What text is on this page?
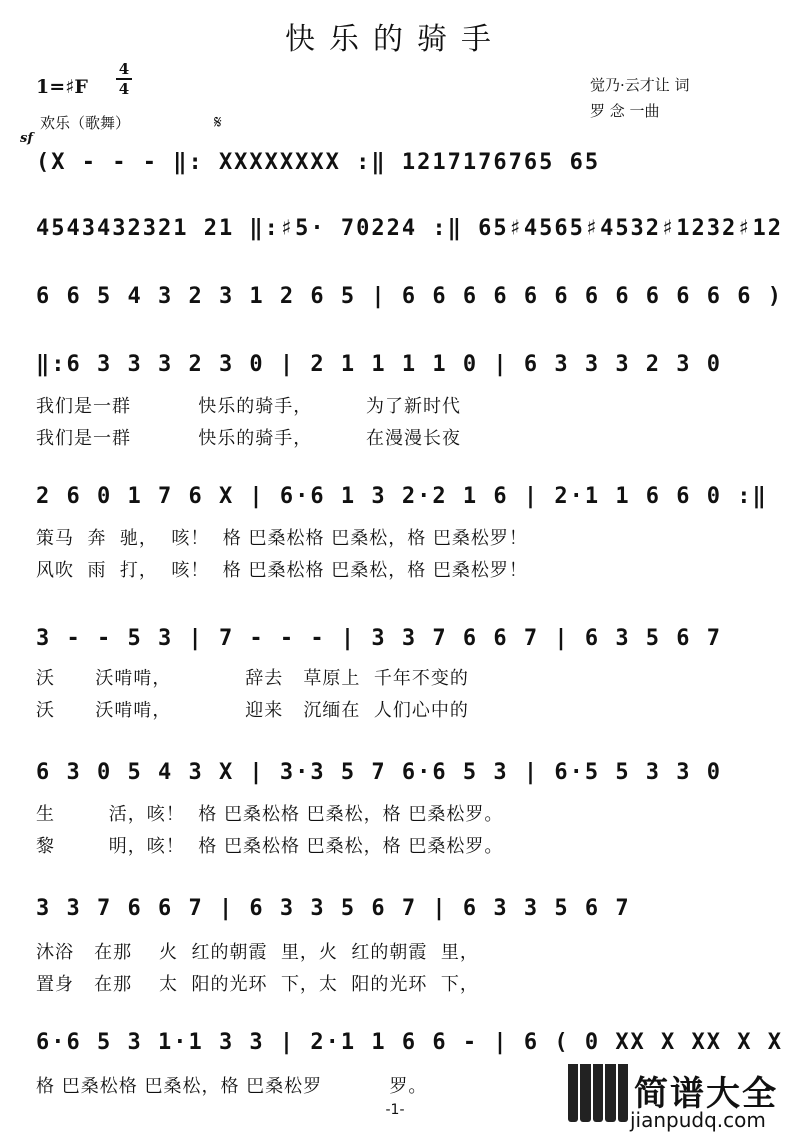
快乐的骑手
1=♯F
4
4	觉乃·云才让 词
罗 念 一曲
欢乐（歌舞）
sf
𝄋
(X - - - ‖: XXXXXXXX :‖ 1217176765 65
4543432321 21 ‖:♯5· 70224 :‖ 65♯4565♯4532♯1232♯12
6 6 5 4 3 2 3 1 2 6 5 | 6 6 6 6 6 6 6 6 6 6 6 6 )
‖:6 3 3 3 2 3 0 | 2 1 1 1 1 0 | 6 3 3 3 2 3 0
我们是一群          快乐的骑手，        为了新时代
我们是一群          快乐的骑手，        在漫漫长夜
2 6 0 1 7 6 X | 6·6 1 3 2·2 1 6 | 2·1 1 6 6 0 :‖
策马  奔  驰，  咳！  格 巴桑松格 巴桑松，格 巴桑松罗！
风吹  雨  打，  咳！  格 巴桑松格 巴桑松，格 巴桑松罗！
3 - - 5 3 | 7 - - - | 3 3 7 6 6 7 | 6 3 5 6 7
沃      沃啃啃，           辞去   草原上  千年不变的
沃      沃啃啃，           迎来   沉缅在  人们心中的
6 3 0 5 4 3 X | 3·3 5 7 6·6 5 3 | 6·5 5 3 3 0
生        活，咳！  格 巴桑松格 巴桑松，格 巴桑松罗。
黎        明，咳！  格 巴桑松格 巴桑松，格 巴桑松罗。
3 3 7 6 6 7 | 6 3 3 5 6 7 | 6 3 3 5 6 7
沐浴   在那    火  红的朝霞  里，火  红的朝霞  里，
置身   在那    太  阳的光环  下，太  阳的光环  下，
6·6 5 3 1·1 3 3 | 2·1 1 6 6 - | 6 ( 0 XX X XX X X
格 巴桑松格 巴桑松，格 巴桑松罗          罗。
-1-	简谱大全
jianpudq.com
